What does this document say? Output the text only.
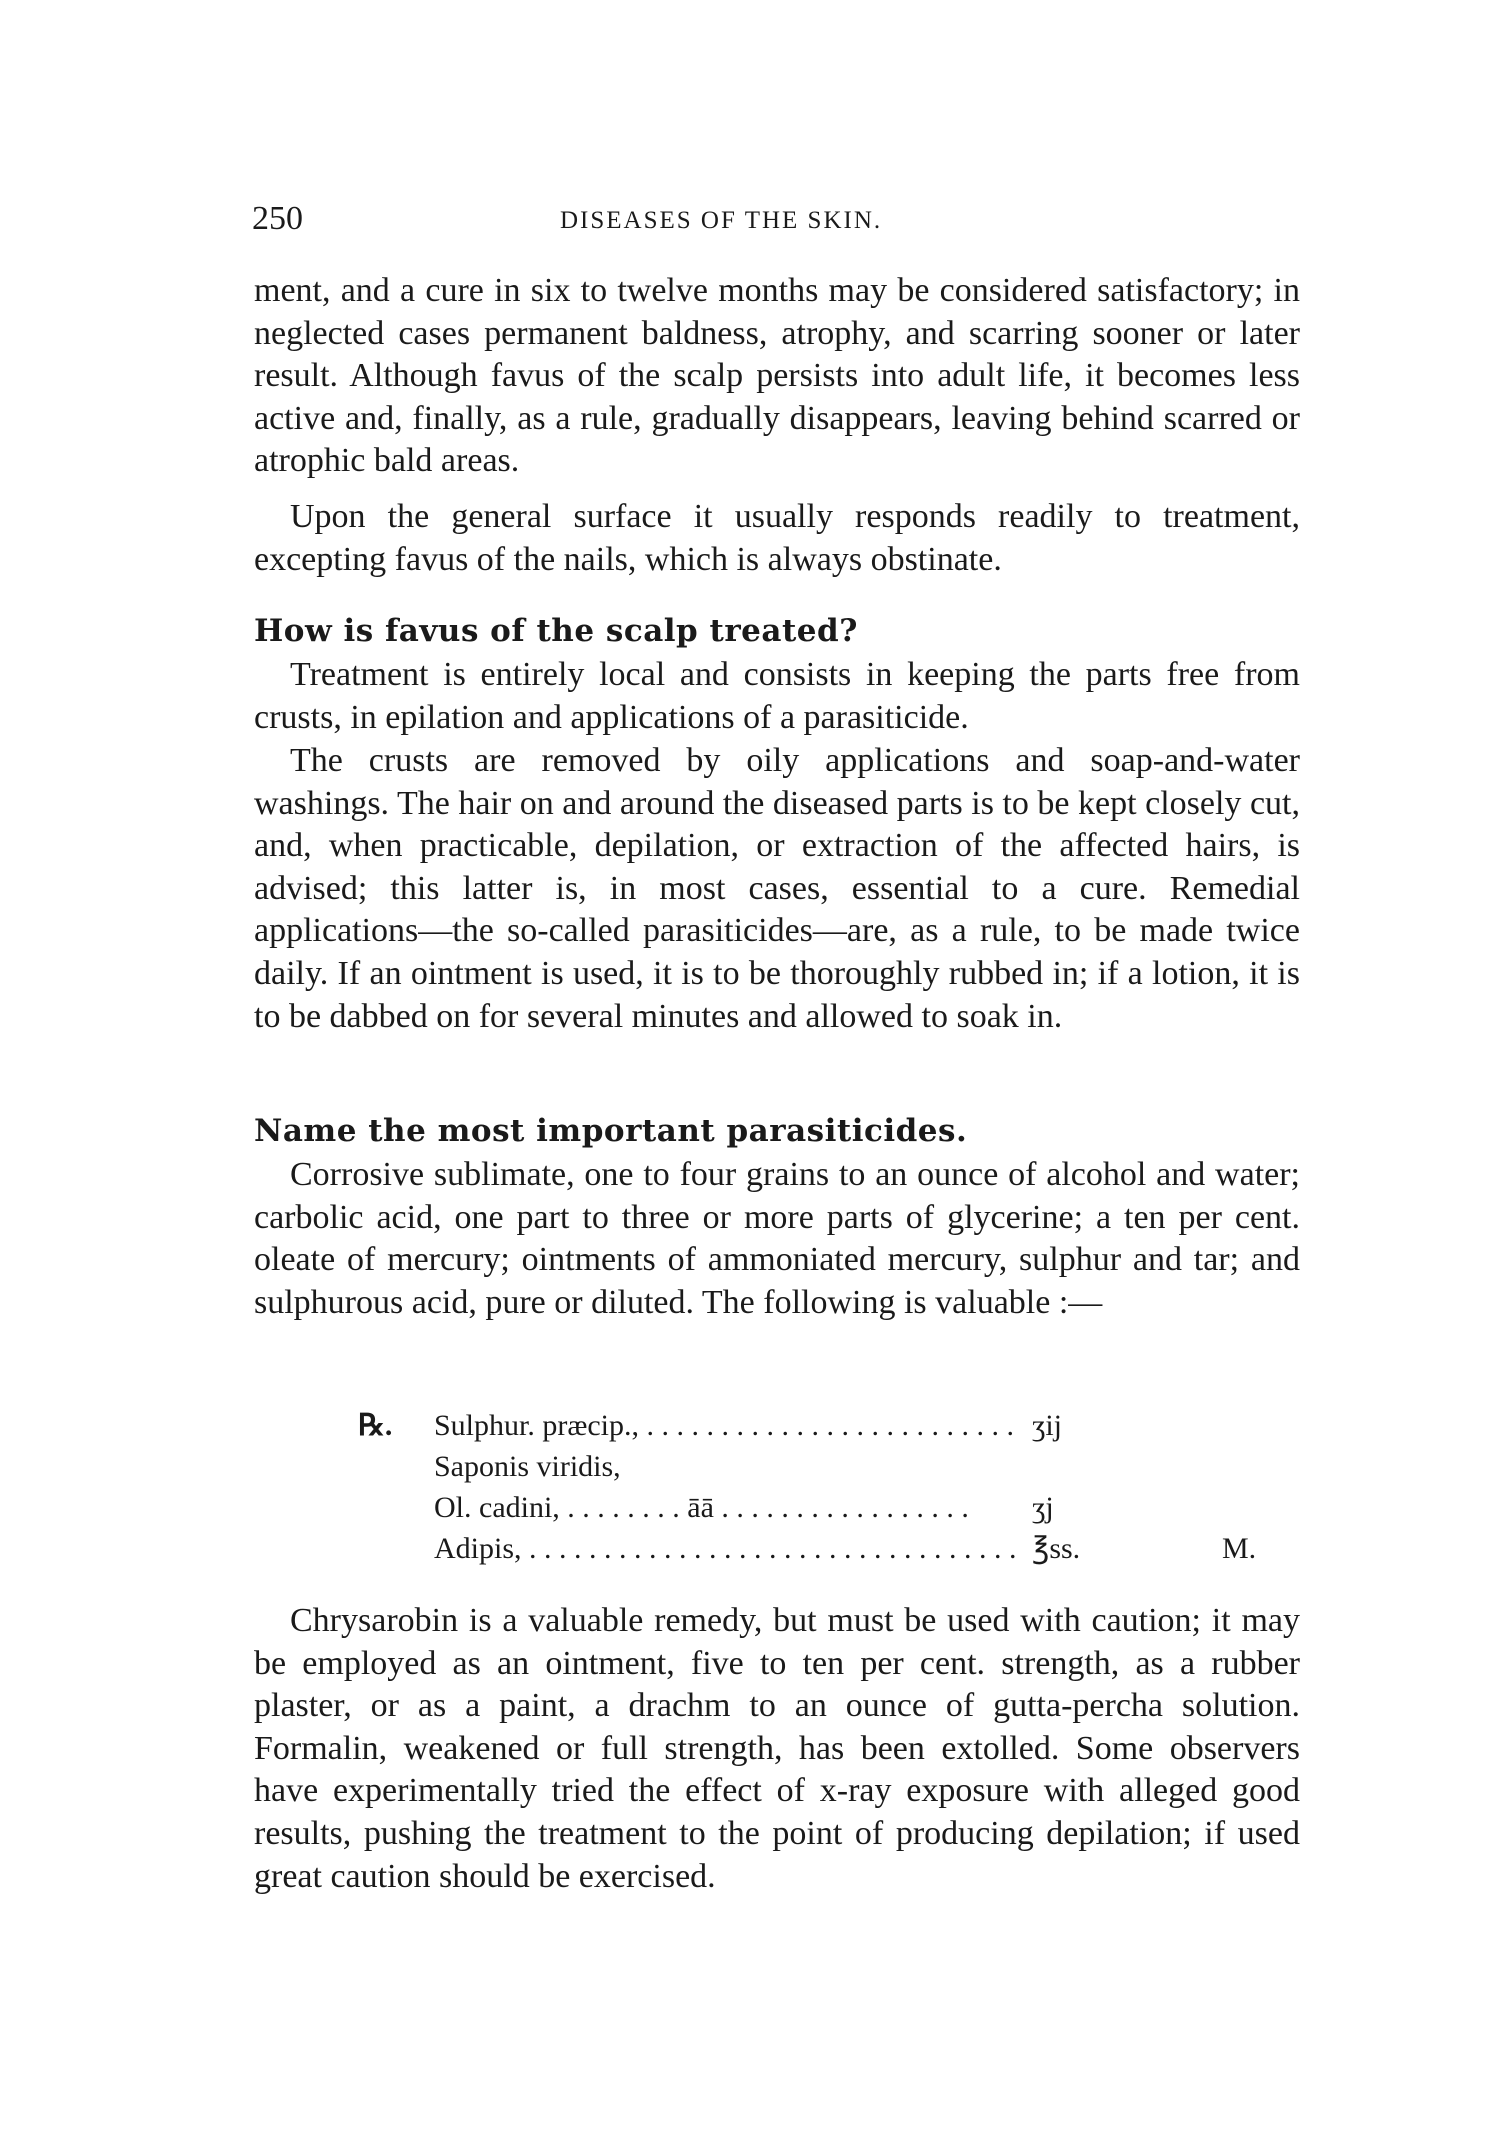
250	DISEASES OF THE SKIN.

ment, and a cure in six to twelve months may be considered satisfactory; in neglected cases permanent baldness, atrophy, and scarring sooner or later result. Although favus of the scalp persists into adult life, it becomes less active and, finally, as a rule, gradually disappears, leaving behind scarred or atrophic bald areas.

Upon the general surface it usually responds readily to treatment, excepting favus of the nails, which is always obstinate.

How is favus of the scalp treated?

Treatment is entirely local and consists in keeping the parts free from crusts, in epilation and applications of a parasiticide.

The crusts are removed by oily applications and soap-and-water washings. The hair on and around the diseased parts is to be kept closely cut, and, when practicable, depilation, or extraction of the affected hairs, is advised; this latter is, in most cases, essential to a cure. Remedial applications—the so-called parasiticides—are, as a rule, to be made twice daily. If an ointment is used, it is to be thoroughly rubbed in; if a lotion, it is to be dabbed on for several minutes and allowed to soak in.

Name the most important parasiticides.

Corrosive sublimate, one to four grains to an ounce of alcohol and water; carbolic acid, one part to three or more parts of glycerine; a ten per cent. oleate of mercury; ointments of ammoniated mercury, sulphur and tar; and sulphurous acid, pure or diluted. The following is valuable :—

℞.	Sulphur. præcip., . . . . . . . . . . . . . . . . . . . . . . . . . ʒij
Saponis viridis,
Ol. cadini, . . . . . . . . āā . . . . . . . . . . . . . . . . .	ʒj
Adipis, . . . . . . . . . . . . . . . . . . . . . . . . . . . . . . . . . ℥ss.	M.

Chrysarobin is a valuable remedy, but must be used with caution; it may be employed as an ointment, five to ten per cent. strength, as a rubber plaster, or as a paint, a drachm to an ounce of gutta-percha solution. Formalin, weakened or full strength, has been extolled. Some observers have experimentally tried the effect of x-ray exposure with alleged good results, pushing the treatment to the point of producing depilation; if used great caution should be exercised.
